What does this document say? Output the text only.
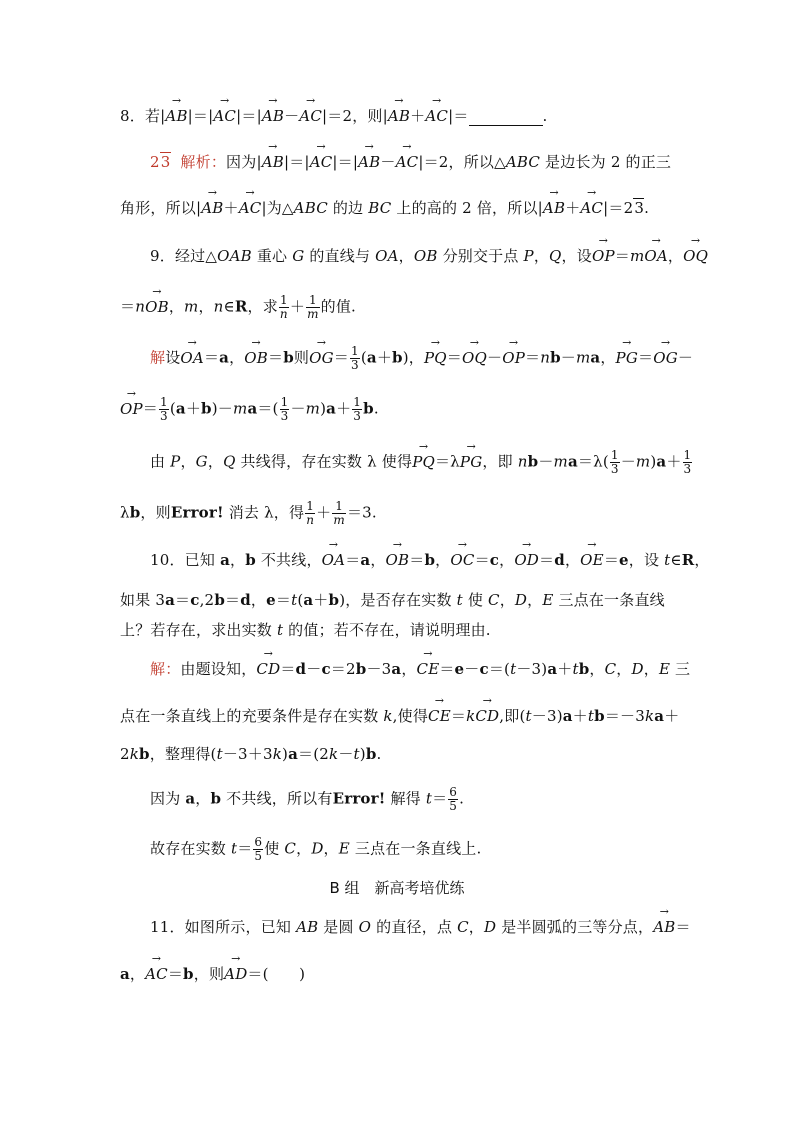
8．若|→ AB|＝|→ AC|＝|→ AB－→ AC|＝2，则|→ AB＋→ AC|＝	.
23  解析：因为|→ AB|＝|→ AC|＝|→ AB－→ AC|＝2，所以△ABC 是边长为 2 的正三
角形，所以|→ AB＋→ AC|为△ABC 的边 BC 上的高的 2 倍，所以|→ AB＋→ AC|＝23.
9．经过△OAB 重心 G 的直线与 OA，OB 分别交于点 P，Q，设→ OP＝m→ OA，→ OQ
＝n→ OB，m，n∈R，求 $\frac{1}{n} + \frac{1}{m}$ 的值.
解设→ OA＝a，→ OB＝b则→ $OG= \frac{1}{3} (a+b)$，→ PQ＝→ OQ－→ OP＝nb－ma，→ PG＝→ OG－
→ $OP= \frac{1}{3} (a+b)-ma=( \frac{1}{3} -m)a+ \frac{1}{3} b$.
由 P，G，Q 共线得，存在实数 λ 使得→ PQ＝λ→ PG，即 $nb-ma=\lambda( \frac{1}{3} -m)a+ \frac{1}{3}$
λb，则Error! 消去 λ，得 $\frac{1}{n} + \frac{1}{m} =3$.
10．已知 a，b 不共线，→ OA＝a，→ OB＝b，→ OC＝c，→ OD＝d，→ OE＝e，设 t∈R，
如果 3a＝c,2b＝d，e＝t(a＋b)，是否存在实数 t 使 C，D，E 三点在一条直线
上？若存在，求出实数 t 的值；若不存在，请说明理由.
解：由题设知，→ CD＝d－c＝2b－3a，→ CE＝e－c＝(t－3)a＋tb，C，D，E 三
点在一条直线上的充要条件是存在实数 k,使得→ CE＝k→ CD,即(t－3)a＋tb＝－3ka＋
2kb，整理得(t－3＋3k)a＝(2k－t)b.
因为 a，b 不共线，所以有Error! 解得 $t= \frac{6}{5}$ .
故存在实数 $t= \frac{6}{5}$ 使 C，D，E 三点在一条直线上.
B 组　新高考培优练
11．如图所示，已知 AB 是圆 O 的直径，点 C，D 是半圆弧的三等分点，→ AB＝
a，→ AC＝b，则→ AD＝(　　)
